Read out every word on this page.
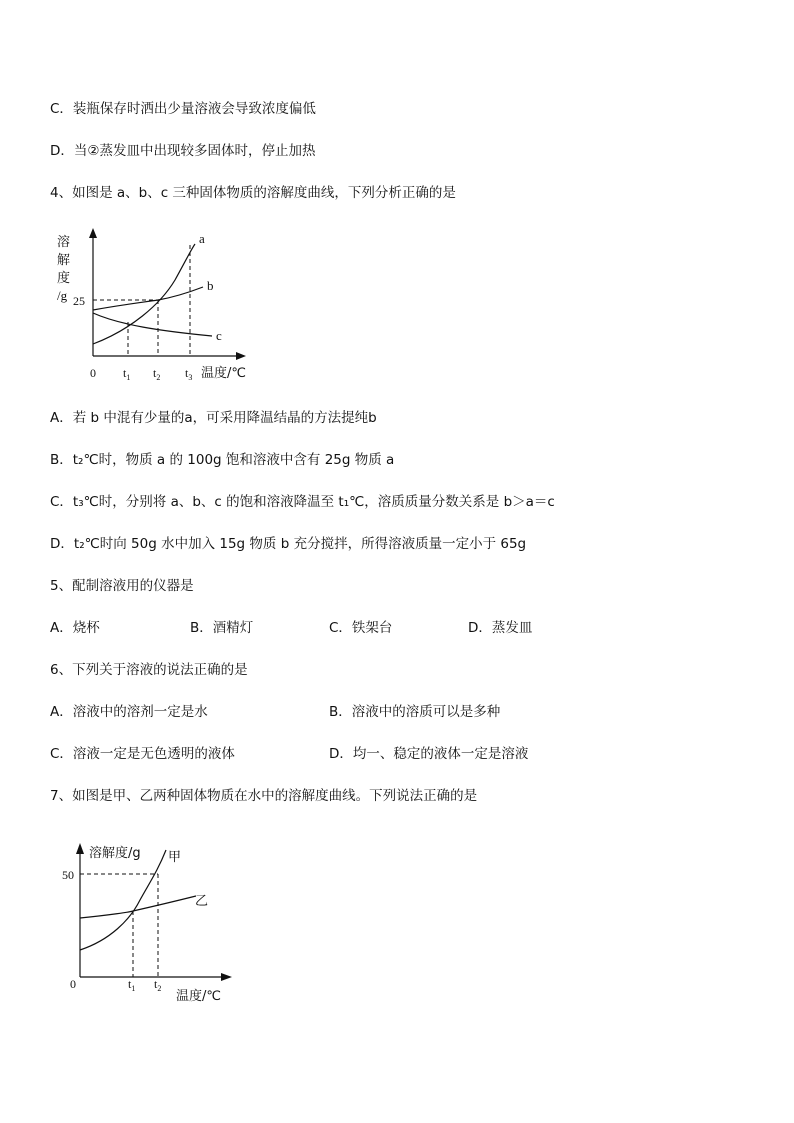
C．装瓶保存时洒出少量溶液会导致浓度偏低
D．当②蒸发皿中出现较多固体时，停止加热
4、如图是 a、b、c 三种固体物质的溶解度曲线，下列分析正确的是
a
b
c
溶
解
度
/g 25
0 $t_1$ $t_2$ $t_3$ 温度/℃
A．若 b 中混有少量的a，可采用降温结晶的方法提纯b
B．t₂℃时，物质 a 的 100g 饱和溶液中含有 25g 物质 a
C．t₃℃时，分别将 a、b、c 的饱和溶液降温至 t₁℃，溶质质量分数关系是 b＞a＝c
D．t₂℃时向 50g 水中加入 15g 物质 b 充分搅拌，所得溶液质量一定小于 65g
5、配制溶液用的仪器是
A．烧杯	B．酒精灯	C．铁架台	D．蒸发皿
6、下列关于溶液的说法正确的是
A．溶液中的溶剂一定是水	B．溶液中的溶质可以是多种
C．溶液一定是无色透明的液体	D．均一、稳定的液体一定是溶液
7、如图是甲、乙两种固体物质在水中的溶解度曲线。下列说法正确的是
溶解度/g 甲
乙
50
0	$t_1$ $t_2$
温度/℃
